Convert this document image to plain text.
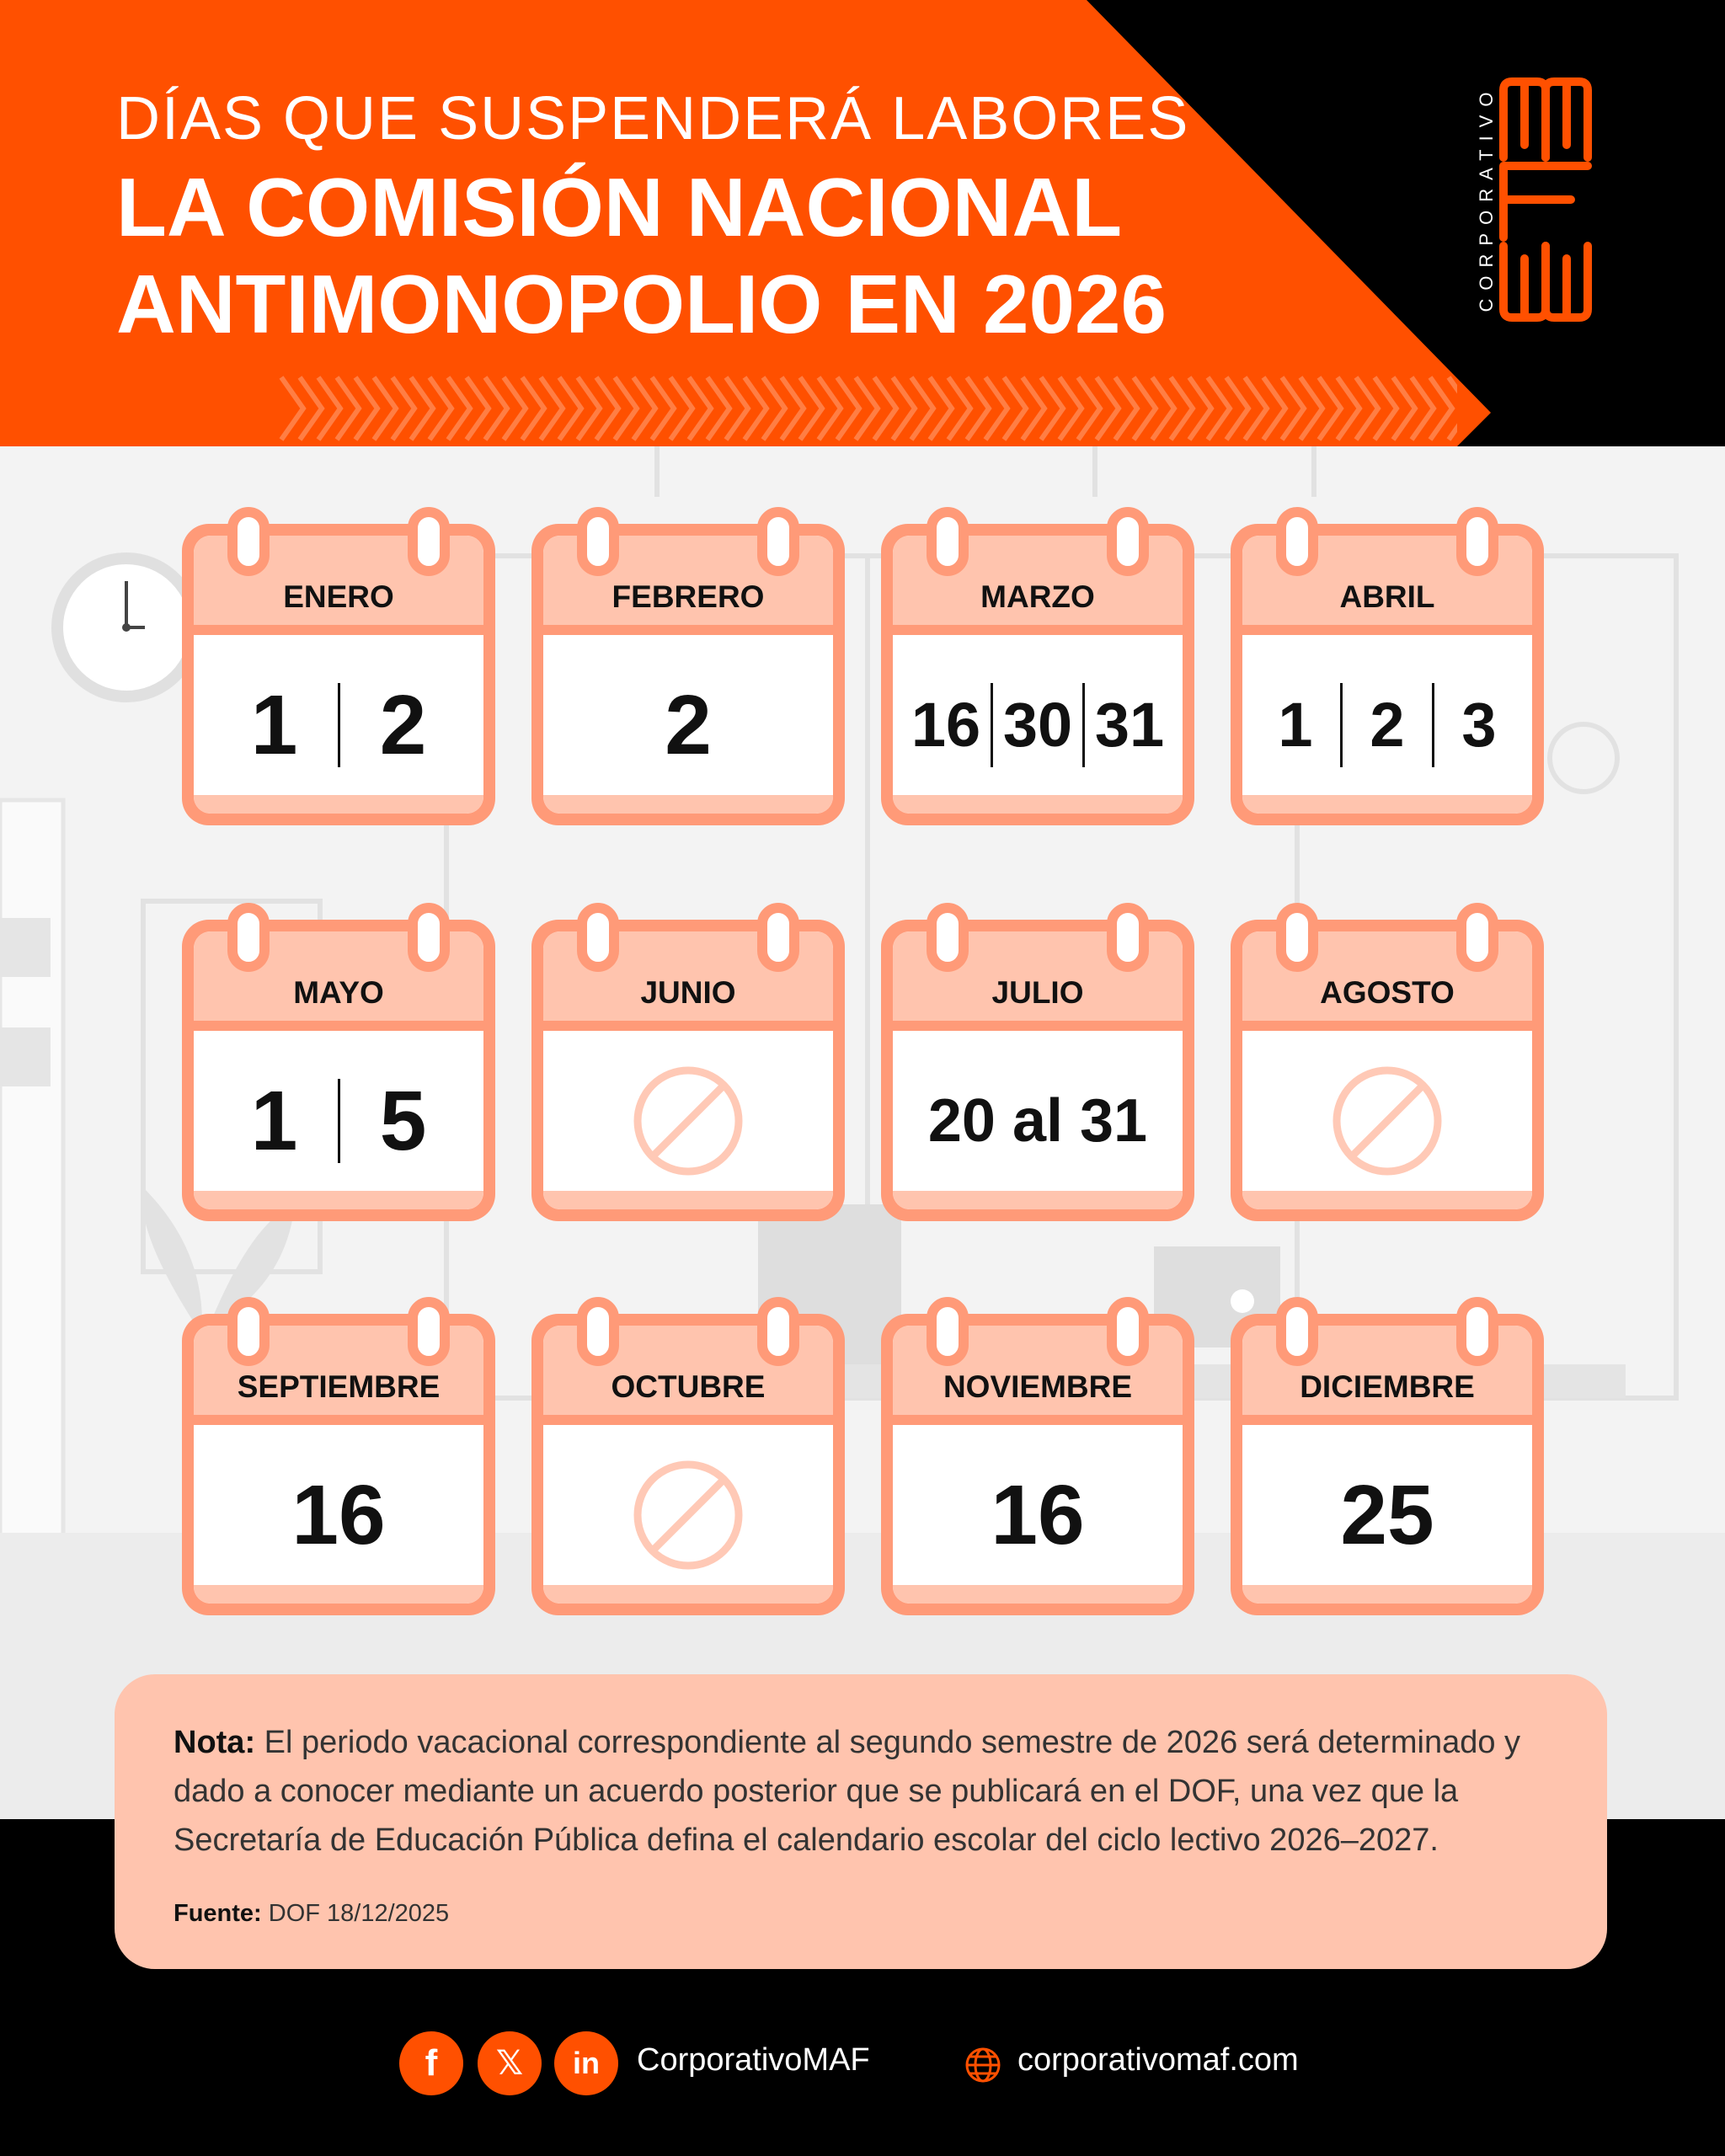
DÍAS QUE SUSPENDERÁ LABORES
LA COMISIÓN NACIONAL
ANTIMONOPOLIO EN 2026	CORPORATIVO
ENERO
1 2
FEBRERO
2
MARZO
16 30 31
ABRIL
1 2 3
MAYO
1 5
JUNIO	JULIO
20 al 31
AGOSTO
SEPTIEMBRE
16
OCTUBRE	NOVIEMBRE
16
DICIEMBRE
25

Nota: El periodo vacacional correspondiente al segundo semestre de 2026 será determinado y dado a conocer mediante un acuerdo posterior que se publicará en el DOF, una vez que la Secretaría de Educación Pública defina el calendario escolar del ciclo lectivo 2026–2027.

Fuente: DOF 18/12/2025

f	𝕏	in	CorporativoMAF	corporativomaf.com
